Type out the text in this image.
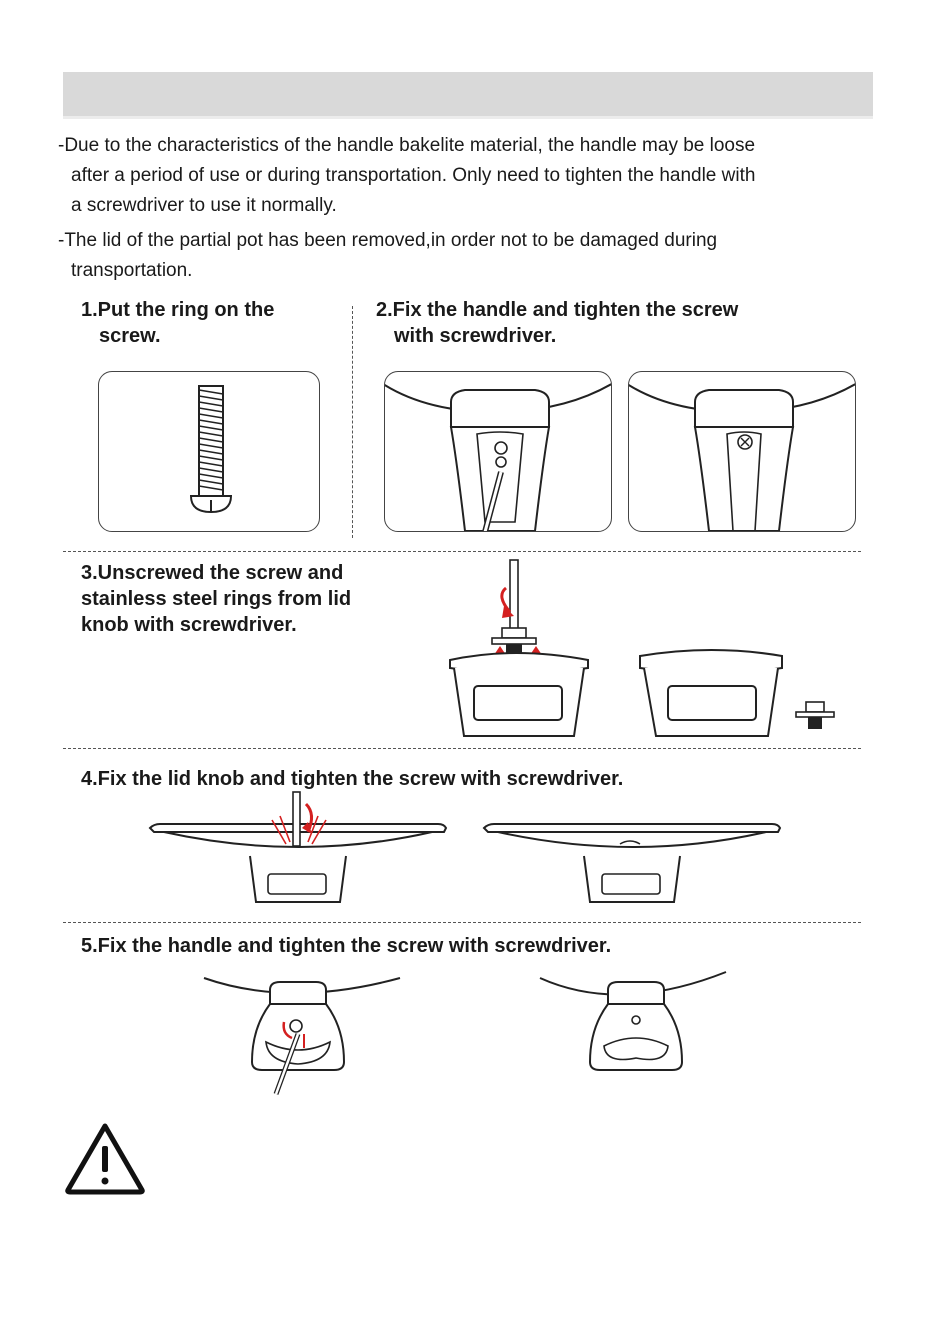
-Due to the characteristics of the handle bakelite material, the handle may be loose
after a period of use or during transportation. Only need to tighten the handle with
a screwdriver to use it normally.

-The lid of the partial pot has been removed,in order not to be damaged during
transportation.

1.Put the ring on the
screw.
2.Fix the handle and tighten the screw
with screwdriver.
3.Unscrewed the screw and
stainless steel rings from lid
knob with screwdriver.
4.Fix the lid knob and tighten the screw with screwdriver.
5.Fix the handle and tighten the screw with screwdriver.
